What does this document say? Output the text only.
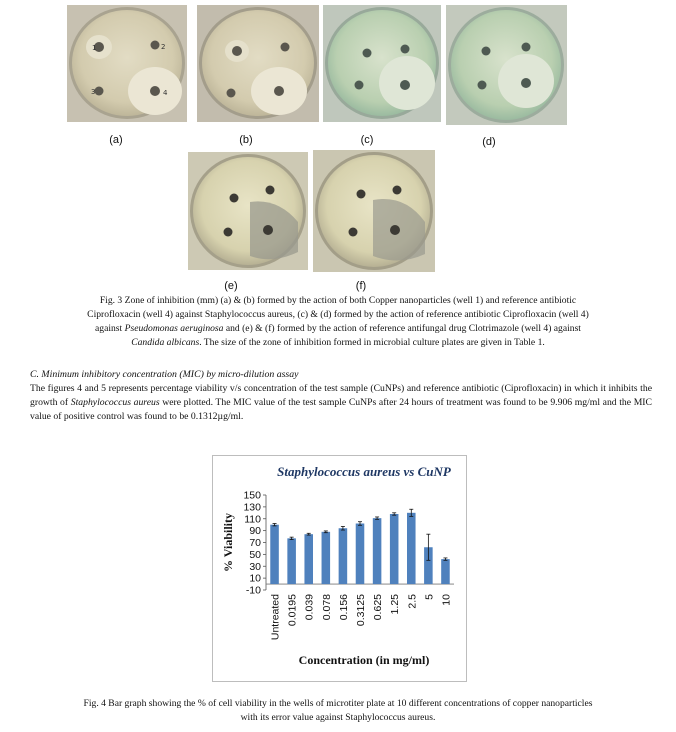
1	2
3	4
(a)	(b)	(c)	(d)
(e)	(f)
Fig. 3 Zone of inhibition (mm) (a) & (b) formed by the action of both Copper nanoparticles (well 1) and reference antibiotic
Ciprofloxacin (well 4) against Staphylococcus aureus, (c) & (d) formed by the action of reference antibiotic Ciprofloxacin (well 4)
against Pseudomonas aeruginosa and (e) & (f) formed by the action of reference antifungal drug Clotrimazole (well 4) against
Candida albicans. The size of the zone of inhibition formed in microbial culture plates are given in Table 1.
C. Minimum inhibitory concentration (MIC) by micro-dilution assay
The figures 4 and 5 represents percentage viability v/s concentration of the test sample (CuNPs) and reference antibiotic (Ciprofloxacin) in which it inhibits the growth of Staphylococcus aureus were plotted. The MIC value of the test sample CuNPs after 24 hours of treatment was found to be 9.906 mg/ml and the MIC value of positive control was found to be 0.1312µg/ml.
Staphylococcus aureus vs CuNP
-10
10
30
50
70
90
110
130
150
% Viability
Untreated 0.0195 0.039 0.078 0.156 0.3125 0.625 1.25 2.5 5 10
Concentration (in mg/ml)
Fig. 4 Bar graph showing the % of cell viability in the wells of microtiter plate at 10 different concentrations of copper nanoparticles
with its error value against Staphylococcus aureus.
